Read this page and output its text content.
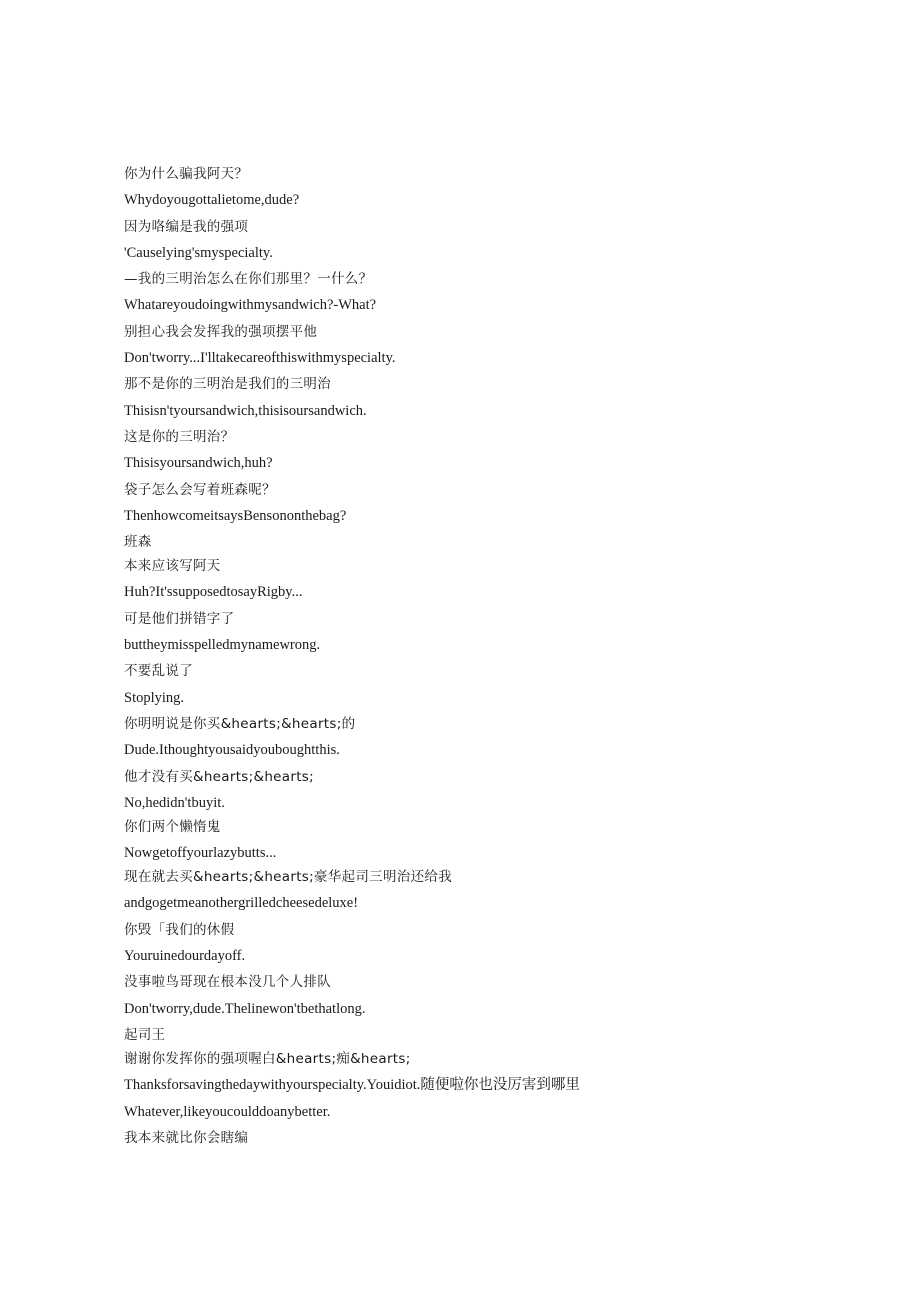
你为什么骗我阿天？
Whydoyougottalietome,dude?
因为咯编是我的强项
'Causelying'smyspecialty.
—我的三明治怎么在你们那里？一什么？
Whatareyoudoingwithmysandwich?-What?
别担心我会发挥我的强项摆平他
Don'tworry...I'lltakecareofthiswithmyspecialty.
那不是你的三明治是我们的三明治
Thisisn'tyoursandwich,thisisoursandwich.
这是你的三明治？
Thisisyoursandwich,huh?
袋子怎么会写着班森呢？
ThenhowcomeitsaysBensononthebag?
班森
本来应该写阿天
Huh?It'ssupposedtosayRigby...
可是他们拼错字了
buttheymisspelledmynamewrong.
不要乱说了
Stoplying.
你明明说是你买&hearts;&hearts;的
Dude.Ithoughtyousaidyouboughtthis.
他才没有买&hearts;&hearts;
No,hedidn'tbuyit.
你们两个懒惰鬼
Nowgetoffyourlazybutts...
现在就去买&hearts;&hearts;豪华起司三明治还给我
andgogetmeanothergrilledcheesedeluxe!
你毁「我们的休假
Youruinedourdayoff.
没事啦鸟哥现在根本没几个人排队
Don'tworry,dude.Thelinewon'tbethatlong.
起司王
谢谢你发挥你的强项喔白&hearts;痴&hearts;
Thanksforsavingthedaywithyourspecialty.Youidiot.随便啦你也没厉害到哪里
Whatever,likeyoucoulddoanybetter.
我本来就比你会瞎编
